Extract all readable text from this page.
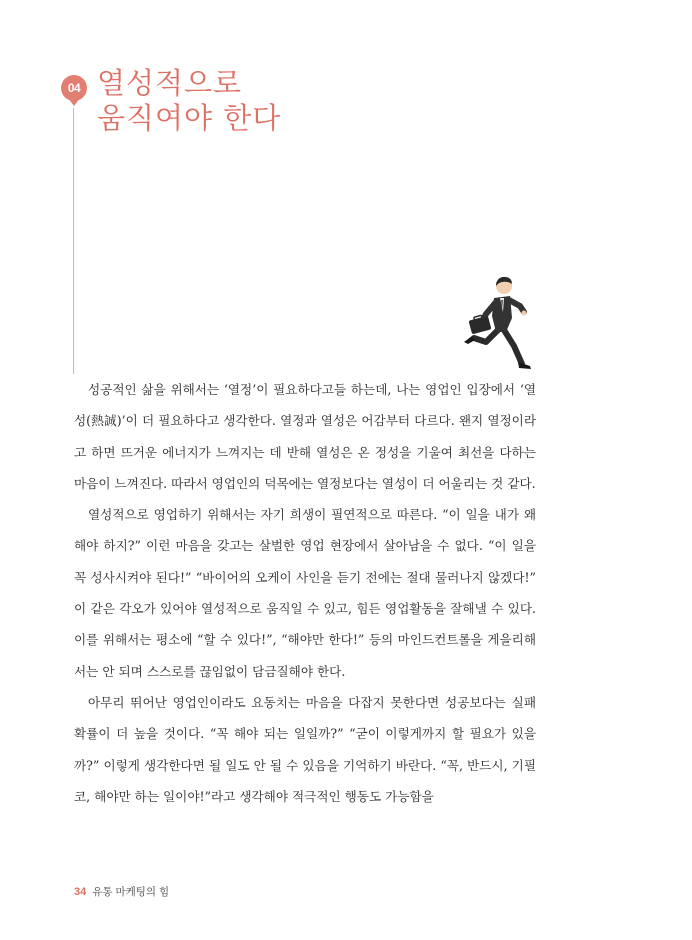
04 열성적으로
움직여야 한다

성공적인 삶을 위해서는 ‘열정’이 필요하다고들 하는데, 나는 영업인 입장에서 ‘열성(熱誠)’이 더 필요하다고 생각한다. 열정과 열성은 어감부터 다르다. 왠지 열정이라고 하면 뜨거운 에너지가 느껴지는 데 반해 열성은 온 정성을 기울여 최선을 다하는 마음이 느껴진다. 따라서 영업인의 덕목에는 열정보다는 열성이 더 어울리는 것 같다.

열성적으로 영업하기 위해서는 자기 희생이 필연적으로 따른다. “이 일을 내가 왜 해야 하지?” 이런 마음을 갖고는 살벌한 영업 현장에서 살아남을 수 없다. “이 일을 꼭 성사시켜야 된다!” “바이어의 오케이 사인을 듣기 전에는 절대 물러나지 않겠다!” 이 같은 각오가 있어야 열성적으로 움직일 수 있고, 힘든 영업활동을 잘해낼 수 있다. 이를 위해서는 평소에 “할 수 있다!”, “해야만 한다!” 등의 마인드컨트롤을 게을리해서는 안 되며 스스로를 끊임없이 담금질해야 한다.

아무리 뛰어난 영업인이라도 요동치는 마음을 다잡지 못한다면 성공보다는 실패 확률이 더 높을 것이다. “꼭 해야 되는 일일까?” “굳이 이렇게까지 할 필요가 있을까?” 이렇게 생각한다면 될 일도 안 될 수 있음을 기억하기 바란다. “꼭, 반드시, 기필코, 해야만 하는 일이야!”라고 생각해야 적극적인 행동도 가능함을

34 유통 마케팅의 힘
